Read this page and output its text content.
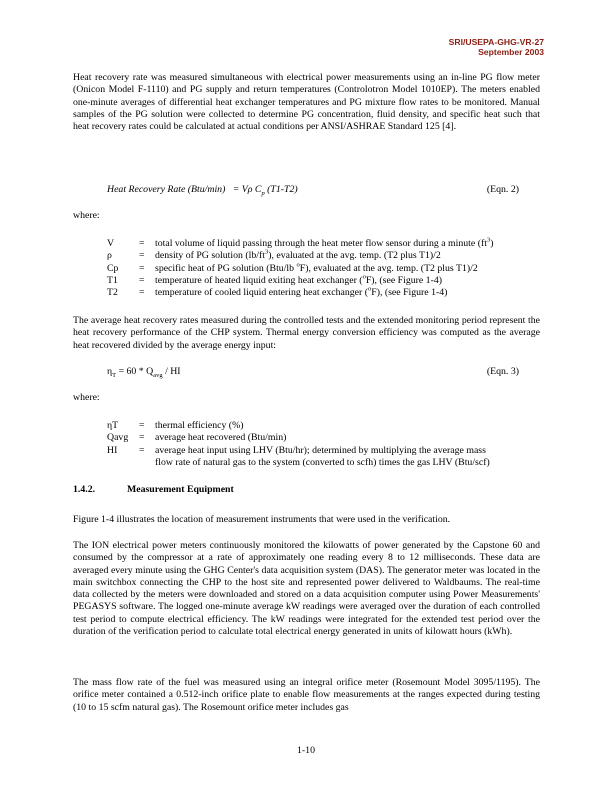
SRI/USEPA-GHG-VR-27
September 2003

Heat recovery rate was measured simultaneous with electrical power measurements using an in-line PG flow meter (Onicon Model F-1110) and PG supply and return temperatures (Controlotron Model 1010EP). The meters enabled one-minute averages of differential heat exchanger temperatures and PG mixture flow rates to be monitored. Manual samples of the PG solution were collected to determine PG concentration, fluid density, and specific heat such that heat recovery rates could be calculated at actual conditions per ANSI/ASHRAE Standard 125 [4].

Heat Recovery Rate (Btu/min) = Vρ $C_p$ (T1-T2)	(Eqn. 2)
where:
V	=	total volume of liquid passing through the heat meter flow sensor during a minute $(ft^3)$
ρ	=	density of PG solution $(lb/ft^3)$, evaluated at the avg. temp. (T2 plus T1)/2
Cp	=	specific heat of PG solution (Btu/lb $^o$F), evaluated at the avg. temp. (T2 plus T1)/2
T1	=	temperature of heated liquid exiting heat exchanger ($^o$F), (see Figure 1-4)
T2	=	temperature of cooled liquid entering heat exchanger ($^o$F), (see Figure 1-4)

The average heat recovery rates measured during the controlled tests and the extended monitoring period represent the heat recovery performance of the CHP system. Thermal energy conversion efficiency was computed as the average heat recovered divided by the average energy input:

$\eta_T = 60 * Q_{avg}$ / HI	(Eqn. 3)
where:
ηT	=	thermal efficiency (%)
Qavg	=	average heat recovered (Btu/min)
HI	=	average heat input using LHV (Btu/hr); determined by multiplying the average mass
flow rate of natural gas to the system (converted to scfh) times the gas LHV (Btu/scf)
1.4.2.	Measurement Equipment

Figure 1-4 illustrates the location of measurement instruments that were used in the verification.

The ION electrical power meters continuously monitored the kilowatts of power generated by the Capstone 60 and consumed by the compressor at a rate of approximately one reading every 8 to 12 milliseconds. These data are averaged every minute using the GHG Center's data acquisition system (DAS). The generator meter was located in the main switchbox connecting the CHP to the host site and represented power delivered to Waldbaums. The real-time data collected by the meters were downloaded and stored on a data acquisition computer using Power Measurements' PEGASYS software. The logged one-minute average kW readings were averaged over the duration of each controlled test period to compute electrical efficiency. The kW readings were integrated for the extended test period over the duration of the verification period to calculate total electrical energy generated in units of kilowatt hours (kWh).

The mass flow rate of the fuel was measured using an integral orifice meter (Rosemount Model 3095/1195). The orifice meter contained a 0.512-inch orifice plate to enable flow measurements at the ranges expected during testing (10 to 15 scfm natural gas). The Rosemount orifice meter includes gas

1-10
